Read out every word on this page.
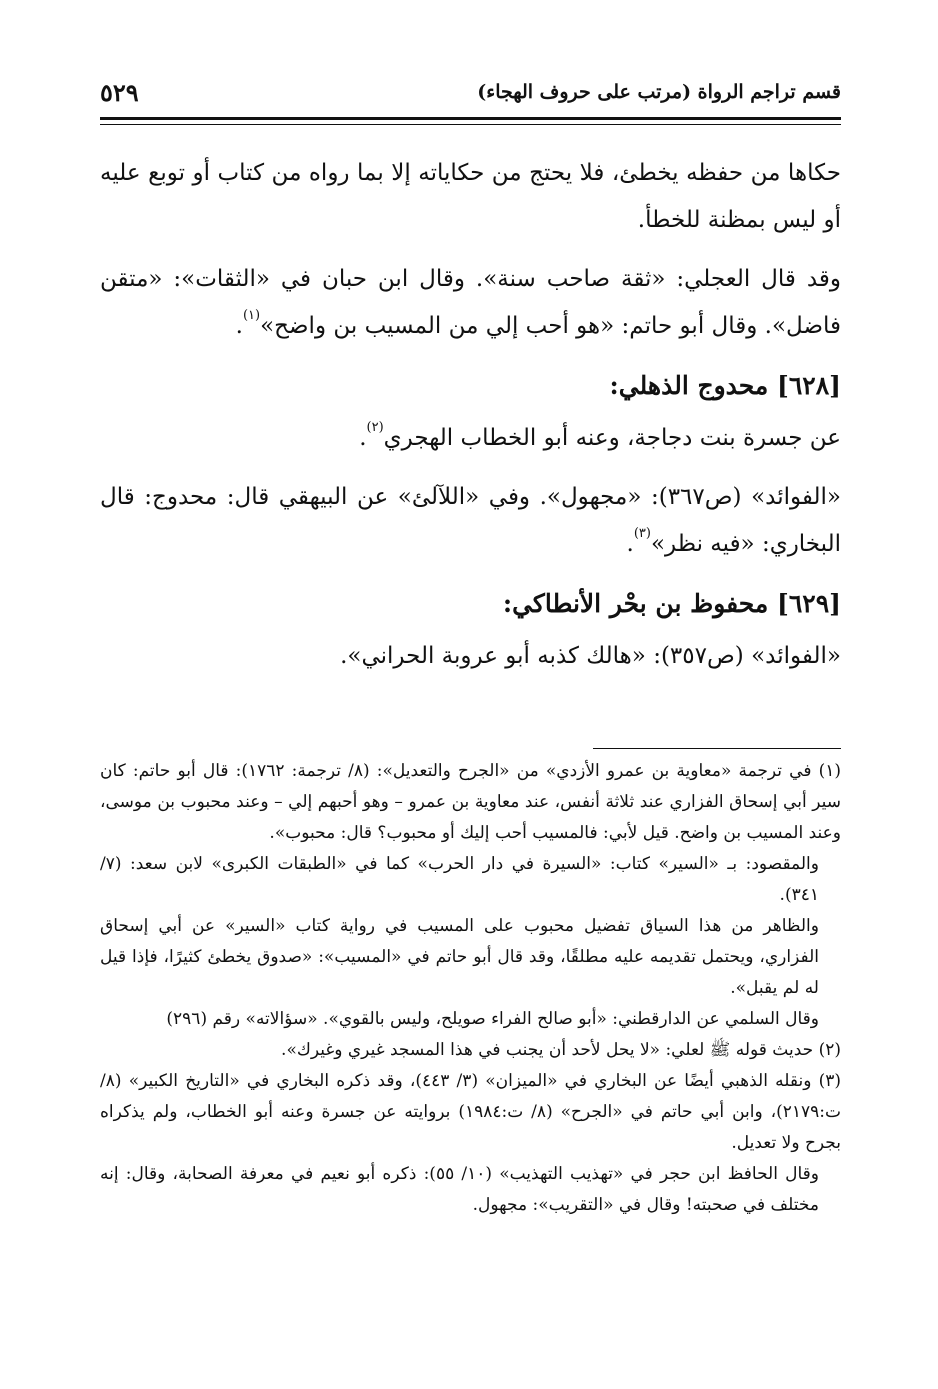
قسم تراجم الرواة (مرتب على حروف الهجاء)
٥٢٩

حكاها من حفظه يخطئ، فلا يحتج من حكاياته إلا بما رواه من كتاب أو توبع عليه أو ليس بمظنة للخطأ.

وقد قال العجلي: «ثقة صاحب سنة». وقال ابن حبان في «الثقات»: «متقن فاضل». وقال أبو حاتم: «هو أحب إلي من المسيب بن واضح»$^{(١)}$.

[٦٢٨] محدوج الذهلي:

عن جسرة بنت دجاجة، وعنه أبو الخطاب الهجري$^{(٢)}$.

«الفوائد» (ص٣٦٧): «مجهول». وفي «اللآلئ» عن البيهقي قال: محدوج: قال البخاري: «فيه نظر»$^{(٣)}$.

[٦٢٩] محفوظ بن بحْر الأنطاكي:

«الفوائد» (ص٣٥٧): «هالك كذبه أبو عروبة الحراني».

(١) في ترجمة «معاوية بن عمرو الأزدي» من «الجرح والتعديل»: (٨/ ترجمة: ١٧٦٢): قال أبو حاتم: كان سير أبي إسحاق الفزاري عند ثلاثة أنفس، عند معاوية بن عمرو – وهو أحبهم إلي – وعند محبوب بن موسى، وعند المسيب بن واضح. قيل لأبي: فالمسيب أحب إليك أو محبوب؟ قال: محبوب».

والمقصود: بـ «السير» كتاب: «السيرة في دار الحرب» كما في «الطبقات الكبرى» لابن سعد: (٧/ ٣٤١).

والظاهر من هذا السياق تفضيل محبوب على المسيب في رواية كتاب «السير» عن أبي إسحاق الفزاري، ويحتمل تقديمه عليه مطلقًا، وقد قال أبو حاتم في «المسيب»: «صدوق يخطئ كثيرًا، فإذا قيل له لم يقبل».

وقال السلمي عن الدارقطني: «أبو صالح الفراء صويلح، وليس بالقوي». «سؤالاته» رقم (٢٩٦)

(٢) حديث قوله ﷺ لعلي: «لا يحل لأحد أن يجنب في هذا المسجد غيري وغيرك».

(٣) ونقله الذهبي أيضًا عن البخاري في «الميزان» (٣/ ٤٤٣)، وقد ذكره البخاري في «التاريخ الكبير» (٨/ ت:٢١٧٩)، وابن أبي حاتم في «الجرح» (٨/ ت:١٩٨٤) بروايته عن جسرة وعنه أبو الخطاب، ولم يذكراه بجرح ولا تعديل.

وقال الحافظ ابن حجر في «تهذيب التهذيب» (١٠/ ٥٥): ذكره أبو نعيم في معرفة الصحابة، وقال: إنه مختلف في صحبته! وقال في «التقريب»: مجهول.
